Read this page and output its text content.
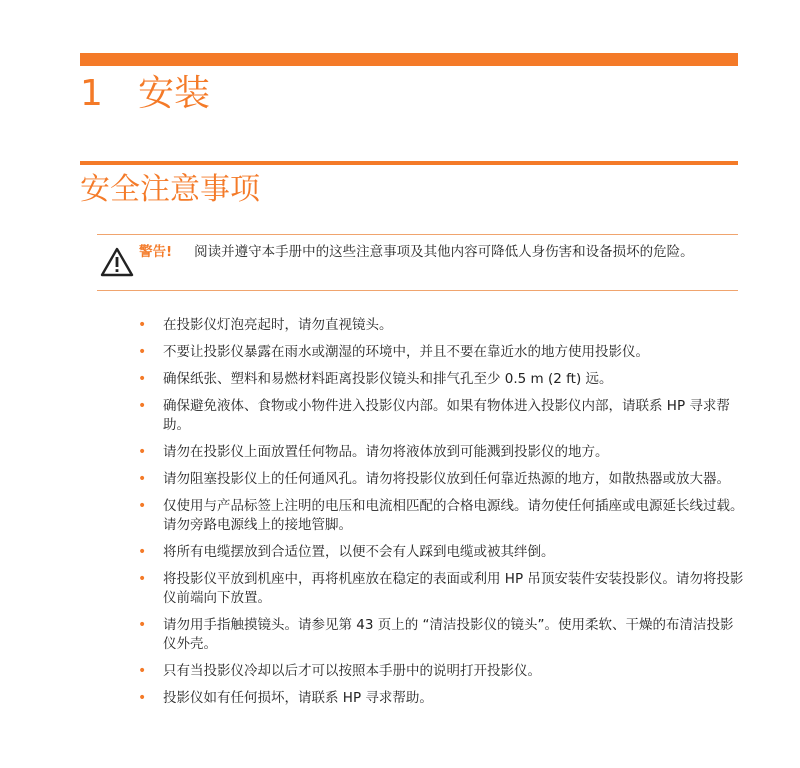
1 安装
安全注意事项
警告! 阅读并遵守本手册中的这些注意事项及其他内容可降低人身伤害和设备损坏的危险。
• 在投影仪灯泡亮起时，请勿直视镜头。
• 不要让投影仪暴露在雨水或潮湿的环境中，并且不要在靠近水的地方使用投影仪。
• 确保纸张、塑料和易燃材料距离投影仪镜头和排气孔至少 0.5 m (2 ft) 远。
• 确保避免液体、食物或小物件进入投影仪内部。如果有物体进入投影仪内部，请联系 HP 寻求帮助。
• 请勿在投影仪上面放置任何物品。请勿将液体放到可能溅到投影仪的地方。
• 请勿阻塞投影仪上的任何通风孔。请勿将投影仪放到任何靠近热源的地方，如散热器或放大器。
• 仅使用与产品标签上注明的电压和电流相匹配的合格电源线。请勿使任何插座或电源延长线过载。请勿旁路电源线上的接地管脚。
• 将所有电缆摆放到合适位置，以便不会有人踩到电缆或被其绊倒。
• 将投影仪平放到机座中，再将机座放在稳定的表面或利用 HP 吊顶安装件安装投影仪。请勿将投影仪前端向下放置。
• 请勿用手指触摸镜头。请参见第 43 页上的 “清洁投影仪的镜头”。使用柔软、干燥的布清洁投影仪外壳。
• 只有当投影仪冷却以后才可以按照本手册中的说明打开投影仪。
• 投影仪如有任何损坏，请联系 HP 寻求帮助。
